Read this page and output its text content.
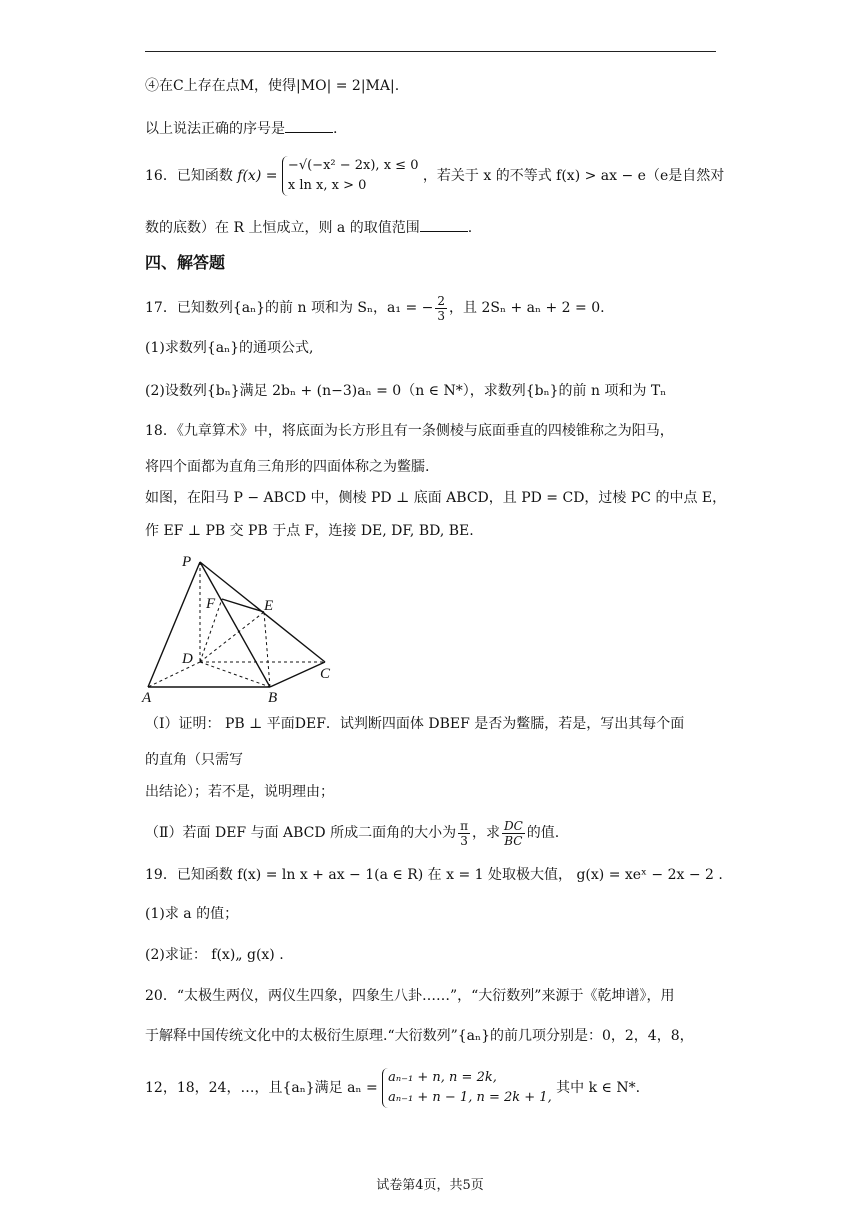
④在C上存在点M，使得|MO| = 2|MA|.
以上说法正确的序号是	.
16．已知函数 f(x) =
−√(−x² − 2x), x ≤ 0
x ln x, x > 0
，若关于 x 的不等式 f(x) > ax − e（e是自然对
数的底数）在 R 上恒成立，则 a 的取值范围	.
四、解答题
17．已知数列{aₙ}的前 n 项和为 Sₙ，a₁ = − $\frac{2}{3}$ ，且 2Sₙ + aₙ + 2 = 0.
(1)求数列{aₙ}的通项公式,
(2)设数列{bₙ}满足 2bₙ + (n−3)aₙ = 0（n ∈ N*），求数列{bₙ}的前 n 项和为 Tₙ
18．《九章算术》中，将底面为长方形且有一条侧棱与底面垂直的四棱锥称之为阳马，
将四个面都为直角三角形的四面体称之为鳖臑.
如图，在阳马 P − ABCD 中，侧棱 PD ⊥ 底面 ABCD，且 PD = CD，过棱 PC 的中点 E，
作 EF ⊥ PB 交 PB 于点 F，连接 DE, DF, BD, BE.
P
F	E
D
C
A	B
（Ⅰ）证明： PB ⊥ 平面DEF．试判断四面体 DBEF 是否为鳖臑，若是，写出其每个面
的直角（只需写
出结论）；若不是，说明理由；
（Ⅱ）若面 DEF 与面 ABCD 所成二面角的大小为 $\frac{\pi}{3}$ ，求 $\frac{DC}{BC}$ 的值.
19．已知函数 f(x) = ln x + ax − 1(a ∈ R) 在 x = 1 处取极大值， g(x) = xeˣ − 2x − 2 .
(1)求 a 的值；
(2)求证： f(x)„ g(x) .
20．“太极生两仪，两仪生四象，四象生八卦……”，“大衍数列”来源于《乾坤谱》，用
于解释中国传统文化中的太极衍生原理.“大衍数列”{aₙ}的前几项分别是：0，2，4，8，
12，18，24，…，且{aₙ}满足 aₙ =
aₙ₋₁ + n, n = 2k,
aₙ₋₁ + n − 1, n = 2k + 1,
其中 k ∈ N*.
试卷第4页，共5页
